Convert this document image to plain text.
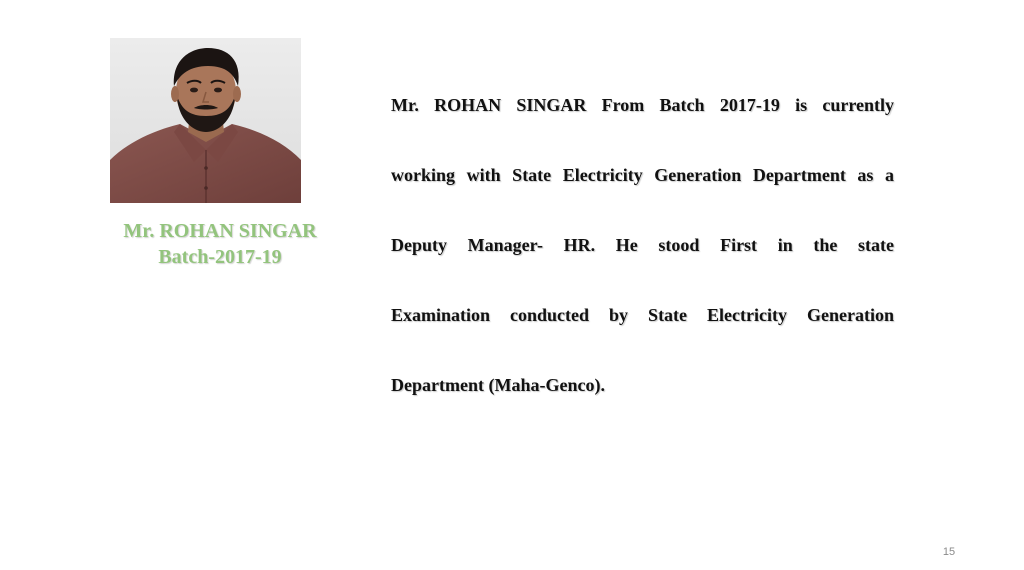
Mr. ROHAN SINGAR
Batch-2017-19
Mr. ROHAN SINGAR From Batch 2017-19 is currently
working with State Electricity Generation Department as a
Deputy Manager- HR. He stood First in the state
Examination conducted by State Electricity Generation
Department (Maha-Genco).
15
